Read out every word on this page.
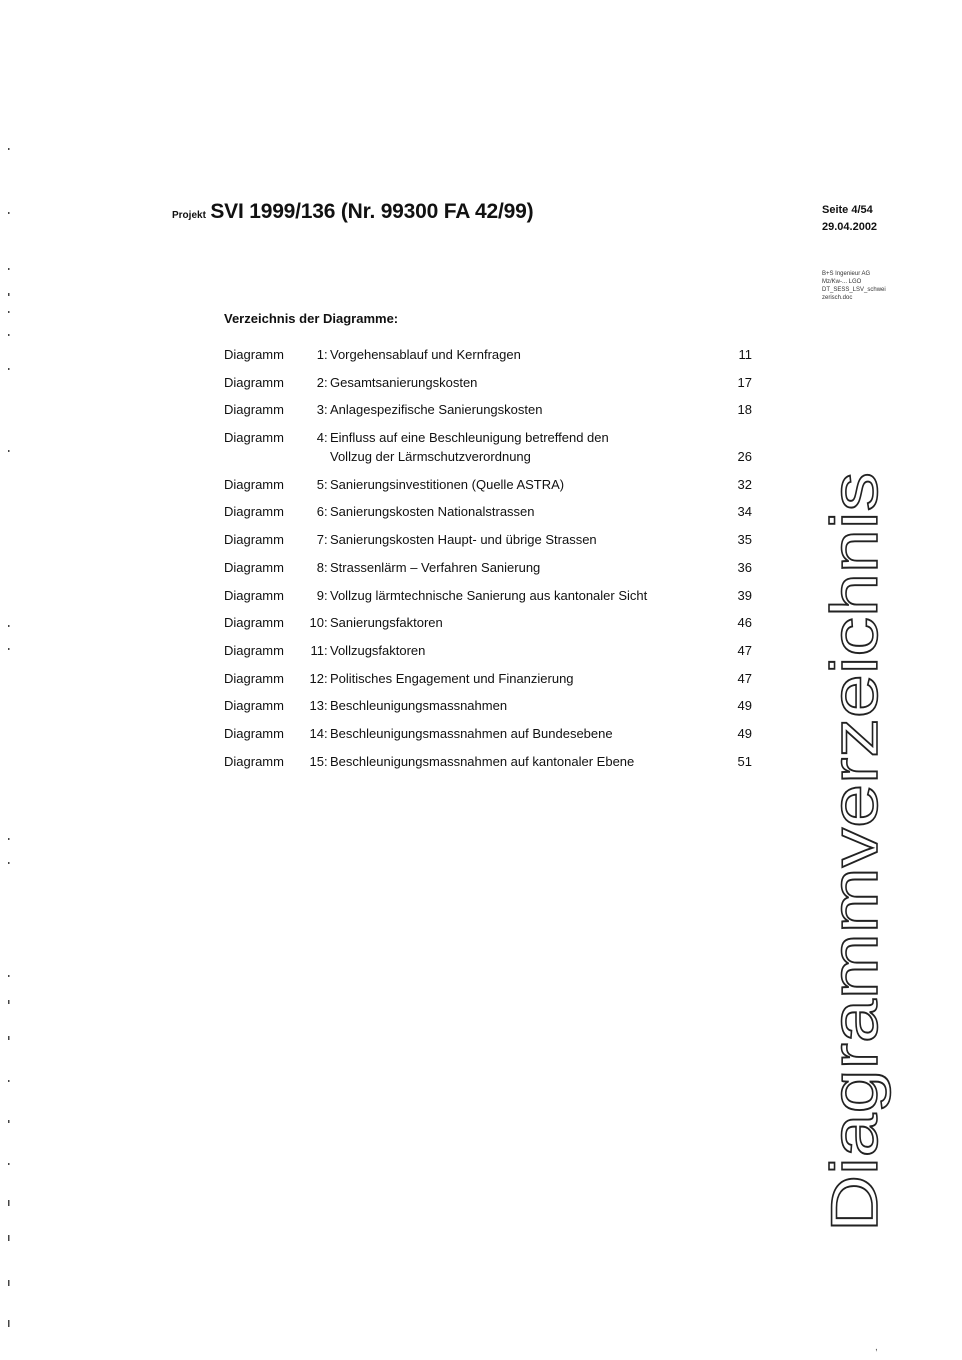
Projekt SVI 1999/136 (Nr. 99300 FA 42/99)	Seite 4/54
29.04.2002
B+S Ingenieur AG
Mz/Kw-... LGO
DT_SESS_LSV_schwei
zerisch.doc
Verzeichnis der Diagramme:
Diagramm	1 : Vorgehensablauf und Kernfragen	11
Diagramm	2 : Gesamtsanierungskosten	17
Diagramm	3 : Anlagespezifische Sanierungskosten	18
Diagramm	4 : Einfluss auf eine Beschleunigung betreffend den
Vollzug der Lärmschutzverordnung	26
Diagramm	5 : Sanierungsinvestitionen (Quelle ASTRA)	32
Diagramm	6 : Sanierungskosten Nationalstrassen	34
Diagramm	7 : Sanierungskosten Haupt- und übrige Strassen	35
Diagramm	8 : Strassenlärm – Verfahren Sanierung	36
Diagramm	9 : Vollzug lärmtechnische Sanierung aus kantonaler Sicht	39
Diagramm	10 : Sanierungsfaktoren	46
Diagramm	11 : Vollzugsfaktoren	47
Diagramm	12 : Politisches Engagement und Finanzierung	47
Diagramm	13 : Beschleunigungsmassnahmen	49
Diagramm	14 : Beschleunigungsmassnahmen auf Bundesebene	49
Diagramm	15 : Beschleunigungsmassnahmen auf kantonaler Ebene	51 Diagrammverzeichnis
,
